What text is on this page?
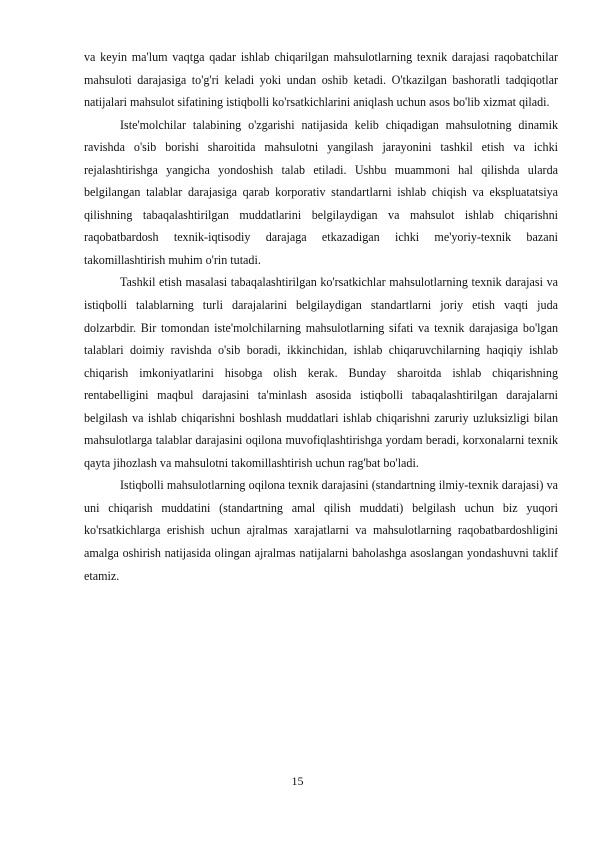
va keyin ma'lum vaqtga qadar ishlab chiqarilgan mahsulotlarning texnik darajasi raqobatchilar mahsuloti darajasiga to'g'ri keladi yoki undan oshib ketadi. O'tkazilgan bashoratli tadqiqotlar natijalari mahsulot sifatining istiqbolli ko'rsatkichlarini aniqlash uchun asos bo'lib xizmat qiladi.

Iste'molchilar talabining o'zgarishi natijasida kelib chiqadigan mahsulotning dinamik ravishda o'sib borishi sharoitida mahsulotni yangilash jarayonini tashkil etish va ichki rejalashtirishga yangicha yondoshish talab etiladi. Ushbu muammoni hal qilishda ularda belgilangan talablar darajasiga qarab korporativ standartlarni ishlab chiqish va ekspluatatsiya qilishning tabaqalashtirilgan muddatlarini belgilaydigan va mahsulot ishlab chiqarishni raqobatbardosh texnik-iqtisodiy darajaga etkazadigan ichki me'yoriy-texnik bazani takomillashtirish muhim o'rin tutadi.

Tashkil etish masalasi tabaqalashtirilgan ko'rsatkichlar mahsulotlarning texnik darajasi va istiqbolli talablarning turli darajalarini belgilaydigan standartlarni joriy etish vaqti juda dolzarbdir. Bir tomondan iste'molchilarning mahsulotlarning sifati va texnik darajasiga bo'lgan talablari doimiy ravishda o'sib boradi, ikkinchidan, ishlab chiqaruvchilarning haqiqiy ishlab chiqarish imkoniyatlarini hisobga olish kerak. Bunday sharoitda ishlab chiqarishning rentabelligini maqbul darajasini ta'minlash asosida istiqbolli tabaqalashtirilgan darajalarni belgilash va ishlab chiqarishni boshlash muddatlari ishlab chiqarishni zaruriy uzluksizligi bilan mahsulotlarga talablar darajasini oqilona muvofiqlashtirishga yordam beradi, korxonalarni texnik qayta jihozlash va mahsulotni takomillashtirish uchun rag'bat bo'ladi.

Istiqbolli mahsulotlarning oqilona texnik darajasini (standartning ilmiy-texnik darajasi) va uni chiqarish muddatini (standartning amal qilish muddati) belgilash uchun biz yuqori ko'rsatkichlarga erishish uchun ajralmas xarajatlarni va mahsulotlarning raqobatbardoshligini amalga oshirish natijasida olingan ajralmas natijalarni baholashga asoslangan yondashuvni taklif etamiz.

15
